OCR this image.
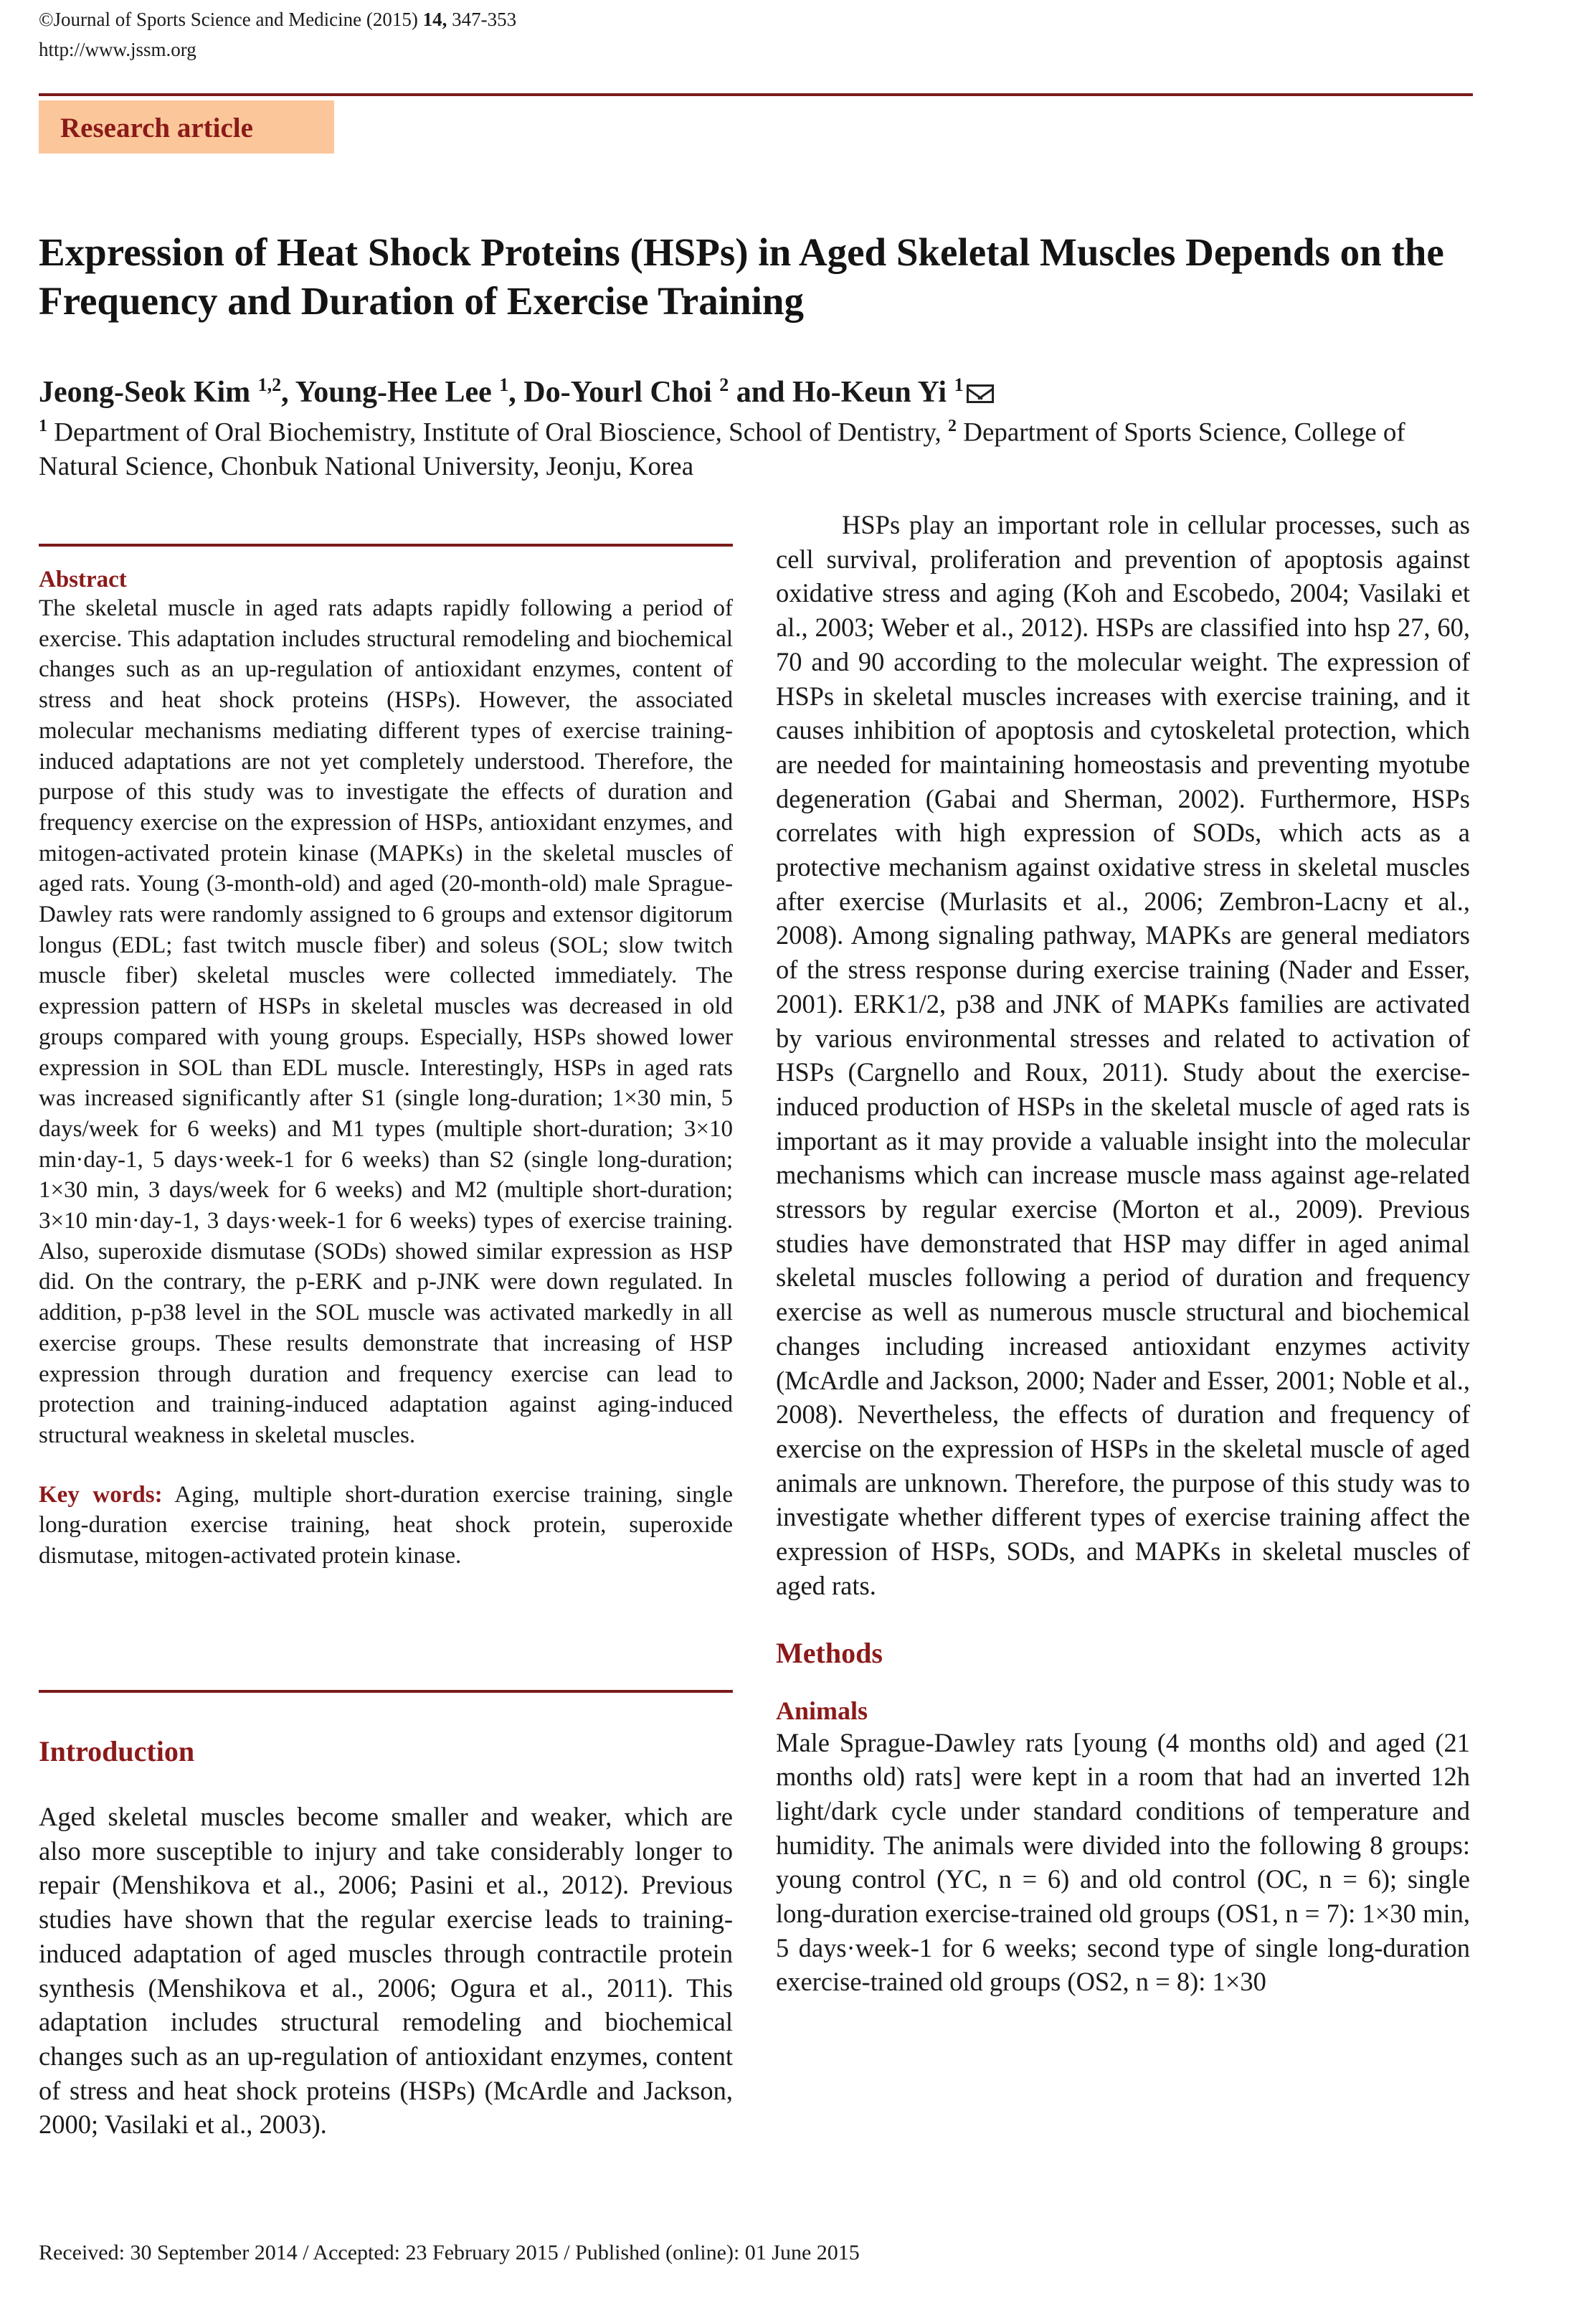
©Journal of Sports Science and Medicine (2015) 14, 347-353
http://www.jssm.org
Research article
Expression of Heat Shock Proteins (HSPs) in Aged Skeletal Muscles Depends on the Frequency and Duration of Exercise Training
Jeong-Seok Kim $^{1,2}$, Young-Hee Lee $^1$, Do-Yourl Choi $^2$ and Ho-Keun Yi $^1$
$^1$ Department of Oral Biochemistry, Institute of Oral Bioscience, School of Dentistry, $^2$ Department of Sports Science, College of Natural Science, Chonbuk National University, Jeonju, Korea
Abstract

The skeletal muscle in aged rats adapts rapidly following a period of exercise. This adaptation includes structural remodeling and biochemical changes such as an up-regulation of antioxidant enzymes, content of stress and heat shock proteins (HSPs). However, the associated molecular mechanisms mediating different types of exercise training-induced adaptations are not yet completely understood. Therefore, the purpose of this study was to investigate the effects of duration and frequency exercise on the expression of HSPs, antioxidant enzymes, and mitogen-activated protein kinase (MAPKs) in the skeletal muscles of aged rats. Young (3-month-old) and aged (20-month-old) male Sprague-Dawley rats were randomly assigned to 6 groups and extensor digitorum longus (EDL; fast twitch muscle fiber) and soleus (SOL; slow twitch muscle fiber) skeletal muscles were collected immediately. The expression pattern of HSPs in skeletal muscles was decreased in old groups compared with young groups. Especially, HSPs showed lower expression in SOL than EDL muscle. Interestingly, HSPs in aged rats was increased significantly after S1 (single long-duration; 1×30 min, 5 days/week for 6 weeks) and M1 types (multiple short-duration; 3×10 min·day-1, 5 days·week-1 for 6 weeks) than S2 (single long-duration; 1×30 min, 3 days/week for 6 weeks) and M2 (multiple short-duration; 3×10 min·day-1, 3 days·week-1 for 6 weeks) types of exercise training. Also, superoxide dismutase (SODs) showed similar expression as HSP did. On the contrary, the p-ERK and p-JNK were down regulated. In addition, p-p38 level in the SOL muscle was activated markedly in all exercise groups. These results demonstrate that increasing of HSP expression through duration and frequency exercise can lead to protection and training-induced adaptation against aging-induced structural weakness in skeletal muscles.

Key words: Aging, multiple short-duration exercise training, single long-duration exercise training, heat shock protein, superoxide dismutase, mitogen-activated protein kinase.

Introduction

Aged skeletal muscles become smaller and weaker, which are also more susceptible to injury and take considerably longer to repair (Menshikova et al., 2006; Pasini et al., 2012). Previous studies have shown that the regular exercise leads to training-induced adaptation of aged muscles through contractile protein synthesis (Menshikova et al., 2006; Ogura et al., 2011). This adaptation includes structural remodeling and biochemical changes such as an up-regulation of antioxidant enzymes, content of stress and heat shock proteins (HSPs) (McArdle and Jackson, 2000; Vasilaki et al., 2003).

HSPs play an important role in cellular processes, such as cell survival, proliferation and prevention of apoptosis against oxidative stress and aging (Koh and Escobedo, 2004; Vasilaki et al., 2003; Weber et al., 2012). HSPs are classified into hsp 27, 60, 70 and 90 according to the molecular weight. The expression of HSPs in skeletal muscles increases with exercise training, and it causes inhibition of apoptosis and cytoskeletal protection, which are needed for maintaining homeostasis and preventing myotube degeneration (Gabai and Sherman, 2002). Furthermore, HSPs correlates with high expression of SODs, which acts as a protective mechanism against oxidative stress in skeletal muscles after exercise (Murlasits et al., 2006; Zembron-Lacny et al., 2008). Among signaling pathway, MAPKs are general mediators of the stress response during exercise training (Nader and Esser, 2001). ERK1/2, p38 and JNK of MAPKs families are activated by various environmental stresses and related to activation of HSPs (Cargnello and Roux, 2011). Study about the exercise-induced production of HSPs in the skeletal muscle of aged rats is important as it may provide a valuable insight into the molecular mechanisms which can increase muscle mass against age-related stressors by regular exercise (Morton et al., 2009). Previous studies have demonstrated that HSP may differ in aged animal skeletal muscles following a period of duration and frequency exercise as well as numerous muscle structural and biochemical changes including increased antioxidant enzymes activity (McArdle and Jackson, 2000; Nader and Esser, 2001; Noble et al., 2008). Nevertheless, the effects of duration and frequency of exercise on the expression of HSPs in the skeletal muscle of aged animals are unknown. Therefore, the purpose of this study was to investigate whether different types of exercise training affect the expression of HSPs, SODs, and MAPKs in skeletal muscles of aged rats.

Methods
Animals

Male Sprague-Dawley rats [young (4 months old) and aged (21 months old) rats] were kept in a room that had an inverted 12h light/dark cycle under standard conditions of temperature and humidity. The animals were divided into the following 8 groups: young control (YC, n = 6) and old control (OC, n = 6); single long-duration exercise-trained old groups (OS1, n = 7): 1×30 min, 5 days·week-1 for 6 weeks; second type of single long-duration exercise-trained old groups (OS2, n = 8): 1×30

Received: 30 September 2014 / Accepted: 23 February 2015 / Published (online): 01 June 2015
